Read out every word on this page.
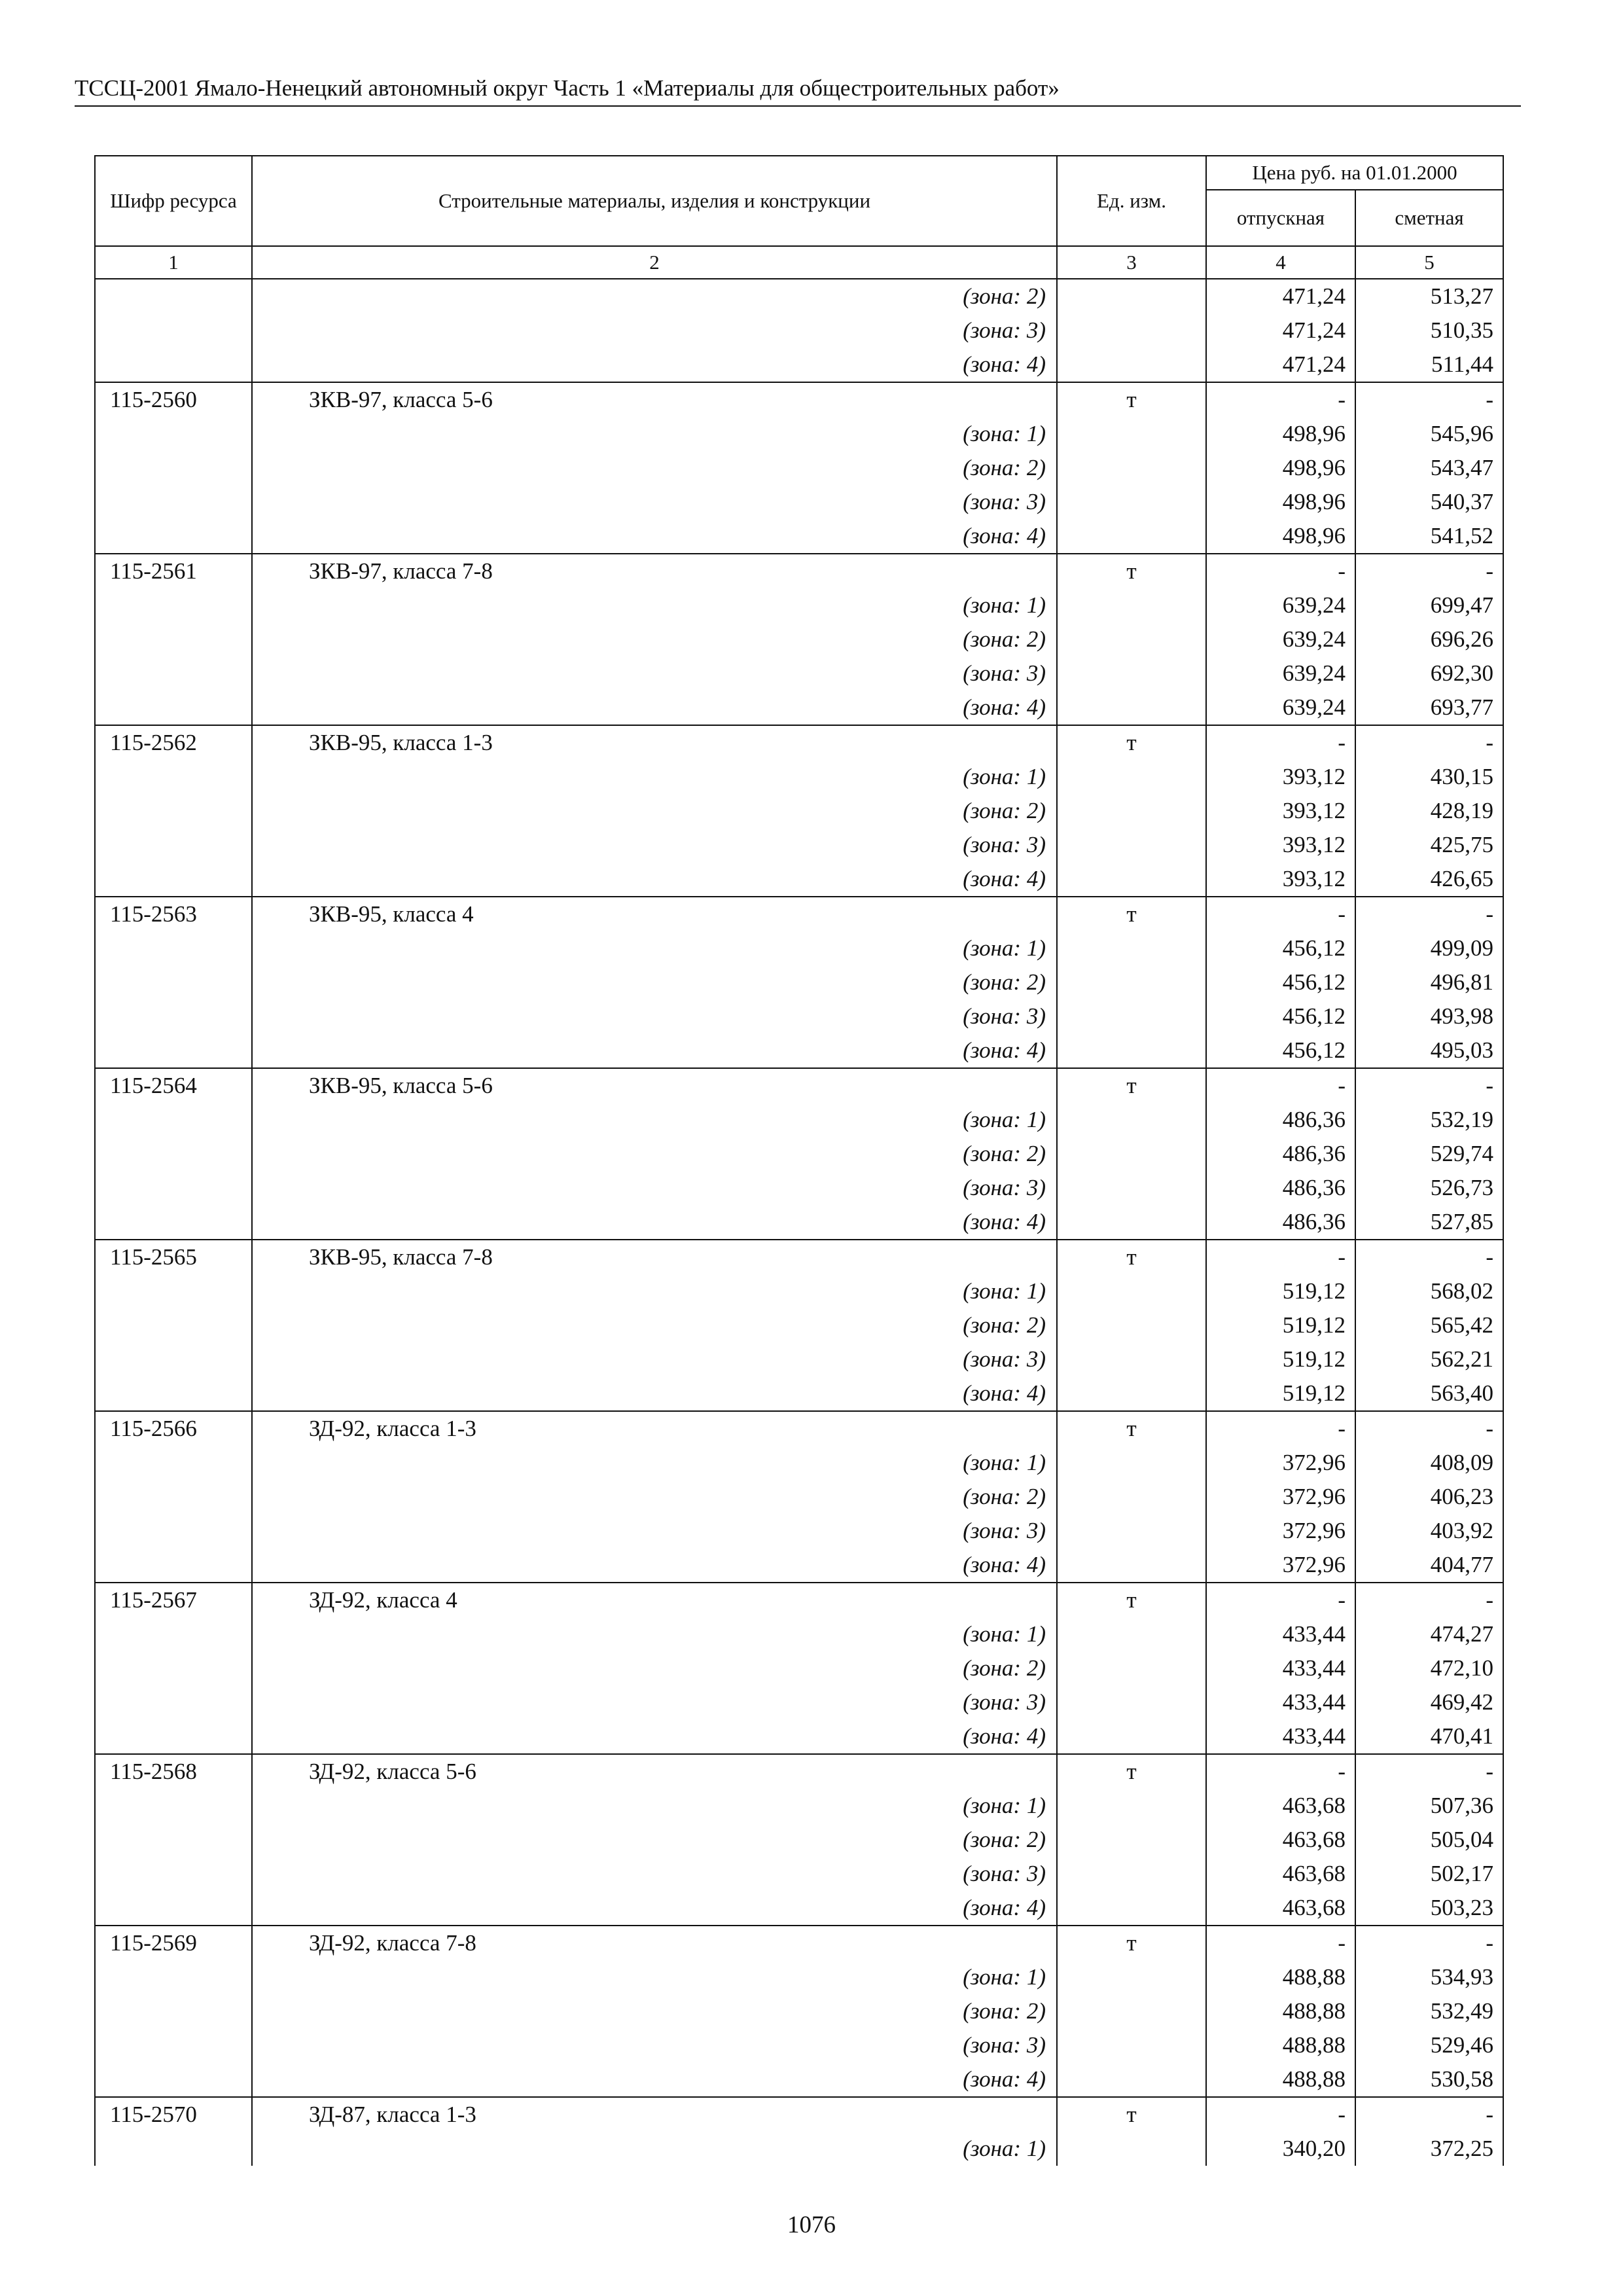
ТССЦ-2001 Ямало-Ненецкий автономный округ Часть 1 «Материалы для общестроительных работ»
Шифр ресурса	Строительные материалы, изделия и конструкции	Ед. изм.	Цена руб. на 01.01.2000	
			отпускная	сметная
1	2	3	4	5
	(зона: 2)		471,24	513,27
	(зона: 3)		471,24	510,35
	(зона: 4)		471,24	511,44
115-2560	ЗКВ-97, класса 5-6	т	-	-
	(зона: 1)		498,96	545,96
	(зона: 2)		498,96	543,47
	(зона: 3)		498,96	540,37
	(зона: 4)		498,96	541,52
115-2561	ЗКВ-97, класса 7-8	т	-	-
	(зона: 1)		639,24	699,47
	(зона: 2)		639,24	696,26
	(зона: 3)		639,24	692,30
	(зона: 4)		639,24	693,77
115-2562	ЗКВ-95, класса 1-3	т	-	-
	(зона: 1)		393,12	430,15
	(зона: 2)		393,12	428,19
	(зона: 3)		393,12	425,75
	(зона: 4)		393,12	426,65
115-2563	ЗКВ-95, класса 4	т	-	-
	(зона: 1)		456,12	499,09
	(зона: 2)		456,12	496,81
	(зона: 3)		456,12	493,98
	(зона: 4)		456,12	495,03
115-2564	ЗКВ-95, класса 5-6	т	-	-
	(зона: 1)		486,36	532,19
	(зона: 2)		486,36	529,74
	(зона: 3)		486,36	526,73
	(зона: 4)		486,36	527,85
115-2565	ЗКВ-95, класса 7-8	т	-	-
	(зона: 1)		519,12	568,02
	(зона: 2)		519,12	565,42
	(зона: 3)		519,12	562,21
	(зона: 4)		519,12	563,40
115-2566	ЗД-92, класса 1-3	т	-	-
	(зона: 1)		372,96	408,09
	(зона: 2)		372,96	406,23
	(зона: 3)		372,96	403,92
	(зона: 4)		372,96	404,77
115-2567	ЗД-92, класса 4	т	-	-
	(зона: 1)		433,44	474,27
	(зона: 2)		433,44	472,10
	(зона: 3)		433,44	469,42
	(зона: 4)		433,44	470,41
115-2568	ЗД-92, класса 5-6	т	-	-
	(зона: 1)		463,68	507,36
	(зона: 2)		463,68	505,04
	(зона: 3)		463,68	502,17
	(зона: 4)		463,68	503,23
115-2569	ЗД-92, класса 7-8	т	-	-
	(зона: 1)		488,88	534,93
	(зона: 2)		488,88	532,49
	(зона: 3)		488,88	529,46
	(зона: 4)		488,88	530,58
115-2570	ЗД-87, класса 1-3	т	-	-
	(зона: 1)		340,20	372,25
1076
